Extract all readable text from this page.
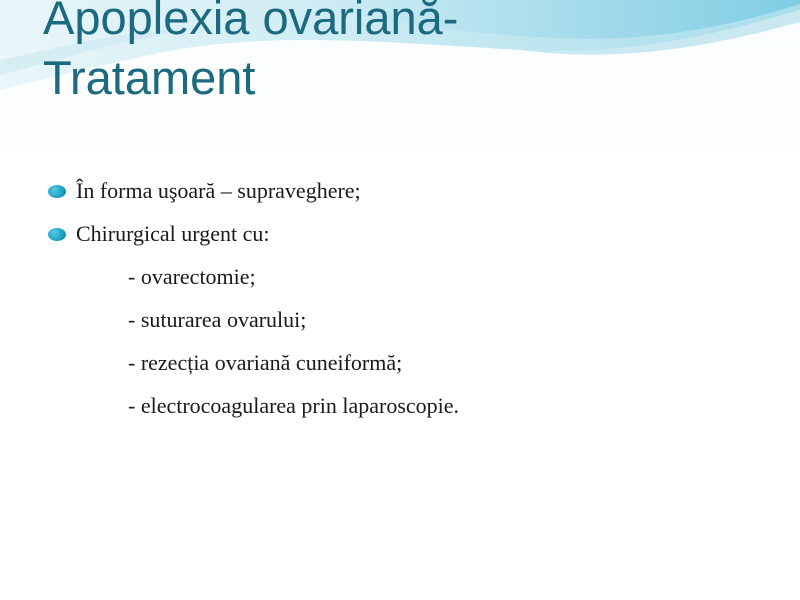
Apoplexia ovariană-
Tratament
În forma uşoară – supraveghere;
Chirurgical urgent cu:
- ovarectomie;
- suturarea ovarului;
- rezecția ovariană cuneiformă;
- electrocoagularea prin laparoscopie.
